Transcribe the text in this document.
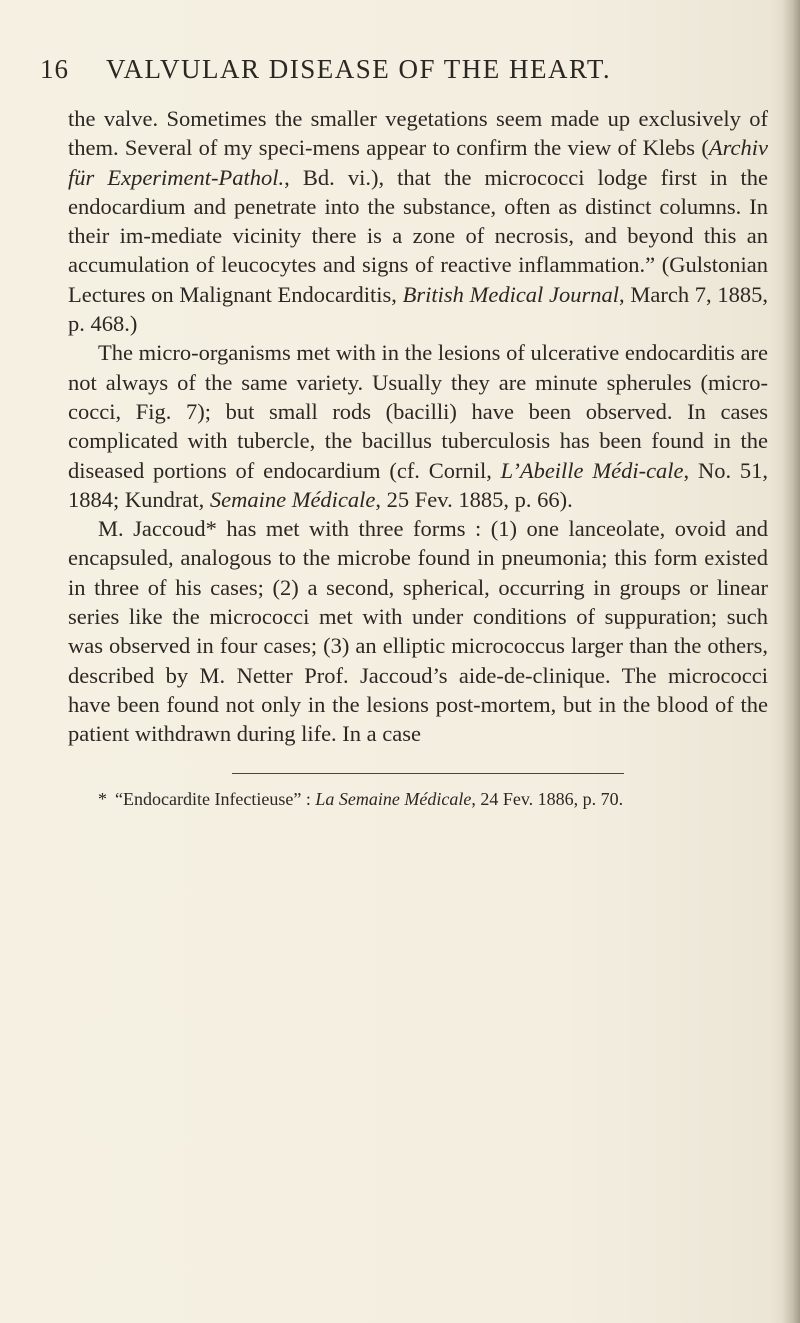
16 VALVULAR DISEASE OF THE HEART.

the valve. Sometimes the smaller vegetations seem made up exclusively of them. Several of my speci-mens appear to confirm the view of Klebs (Archiv für Experiment-Pathol., Bd. vi.), that the micrococci lodge first in the endocardium and penetrate into the substance, often as distinct columns. In their im-mediate vicinity there is a zone of necrosis, and beyond this an accumulation of leucocytes and signs of reactive inflammation.” (Gulstonian Lectures on Malignant Endocarditis, British Medical Journal, March 7, 1885, p. 468.)

The micro-organisms met with in the lesions of ulcerative endocarditis are not always of the same variety. Usually they are minute spherules (micro-cocci, Fig. 7); but small rods (bacilli) have been observed. In cases complicated with tubercle, the bacillus tuberculosis has been found in the diseased portions of endocardium (cf. Cornil, L’Abeille Médi-cale, No. 51, 1884; Kundrat, Semaine Médicale, 25 Fev. 1885, p. 66).

M. Jaccoud* has met with three forms : (1) one lanceolate, ovoid and encapsuled, analogous to the microbe found in pneumonia; this form existed in three of his cases; (2) a second, spherical, occurring in groups or linear series like the micrococci met with under conditions of suppuration; such was observed in four cases; (3) an elliptic micrococcus larger than the others, described by M. Netter Prof. Jaccoud’s aide-de-clinique. The micrococci have been found not only in the lesions post-mortem, but in the blood of the patient withdrawn during life. In a case

* “Endocardite Infectieuse” : La Semaine Médicale, 24 Fev. 1886, p. 70.
